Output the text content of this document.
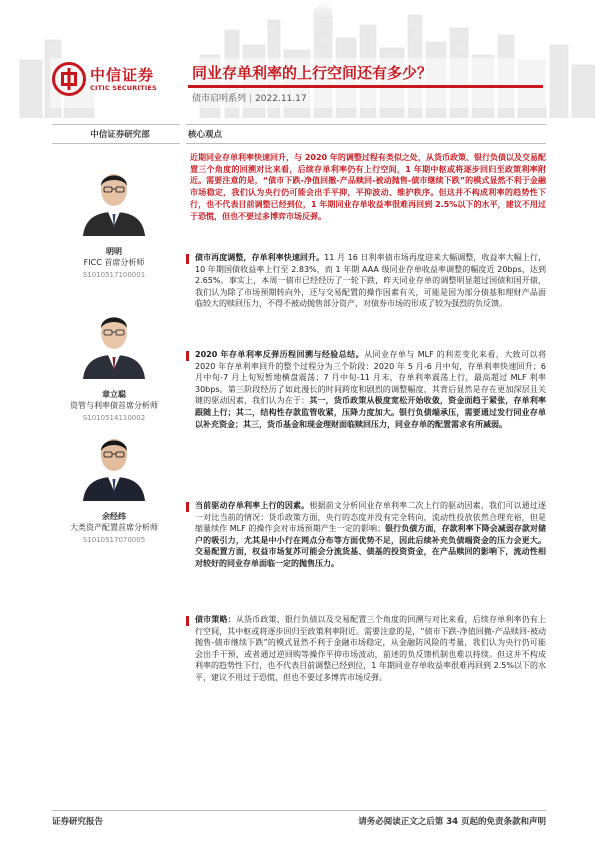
中信证券
CITIC SECURITIES
同业存单利率的上行空间还有多少？
债市启明系列 | 2022.11.17
中信证券研究部	核心观点
明明
FICC 首席分析师
S1010517100001
章立聪
资管与利率债首席分析师
S1010514110002
余经纬
大类资产配置首席分析师
S1010517070005
近期同业存单利率快速回升，与 2020 年的调整过程有类似之处，从货币政策、银行负债以及交易配置三个角度的回溯对比来看，后续存单利率仍有上行空间，1 年期中枢或将逐步回归至政策利率附近。需要注意的是，“债市下跌-净值回撤-产品赎回-被动抛售-债市继续下跌”的模式显然不利于金融市场稳定，我们认为央行仍可能会出手平抑，平抑波动、维护秩序。但这并不构成利率的趋势性下行，也不代表目前调整已经到位，1 年期同业存单收益率很难再回到 2.5%以下的水平，建议不用过于恐慌，但也不要过多博弈市场反弹。

债市再度调整，存单利率快速回升。11 月 16 日利率债市场再度迎来大幅调整，收益率大幅上行，10 年期国债收益率上行至 2.83%，而 1 年期 AAA 级同业存单收益率调整的幅度近 20bps，达到 2.65%。事实上，本周一债市已经经历了一轮下跌，昨天同业存单的调整明显超过国债和国开债，我们认为除了市场预期转向外，还与交易配置的操作因素有关，可能是因为部分债基和理财产品面临较大的赎回压力，不得不被动抛售部分资产，对债券市场的形成了较为强烈的负反馈。

2020 年存单利率反弹历程回溯与经验总结。从同业存单与 MLF 的利差变化来看，大致可以将 2020 年存单利率回升的整个过程分为三个阶段：2020 年 5 月-6 月中旬，存单利率快速回升；6 月中旬-7 月上旬短暂地横盘震荡；7 月中旬-11 月末，存单利率震荡上行，最高超过 MLF 利率 30bps。第三阶段经历了如此漫长的时间跨度和剧烈的调整幅度，其背后显然是存在更加深层且关键的驱动因素，我们认为在于：其一，货币政策从极度宽松开始收敛，资金面趋于紧张，存单利率跟随上行；其二，结构性存款监管收紧，压降力度加大。银行负债端承压，需要通过发行同业存单以补充资金；其三，货币基金和现金理财面临赎回压力，同业存单的配置需求有所减弱。

当前驱动存单利率上行的因素。根据前文分析同业存单利率二次上行的驱动因素，我们可以通过逐一对比当前的情况：货币政策方面，央行的态度并没有完全转向，流动性投放依然合理充裕，但是缩量续作 MLF 的操作会对市场预期产生一定的影响；银行负债方面，存款利率下降会减弱存款对储户的吸引力，尤其是中小行在网点分布等方面优势不足，因此后续补充负债端资金的压力会更大。交易配置方面，权益市场复苏可能会分流货基、债基的投资资金，在产品赎回的影响下，流动性相对较好的同业存单面临一定的抛售压力。

债市策略：从货币政策、银行负债以及交易配置三个角度的回溯与对比来看，后续存单利率仍有上行空间，其中枢或将逐步回归至政策利率附近。需要注意的是，“债市下跌-净值回撤-产品赎回-被动抛售-债市继续下跌”的模式显然不利于金融市场稳定，从金融防风险的考量，我们认为央行仍可能会出手干预，或者通过逆回购等操作平抑市场波动，前述的负反馈机制也难以持续。但这并不构成利率的趋势性下行，也不代表目前调整已经到位，1 年期同业存单收益率很难再回到 2.5%以下的水平，建议不用过于恐慌，但也不要过多博弈市场反弹。

证券研究报告	请务必阅读正文之后第 34 页起的免责条款和声明
